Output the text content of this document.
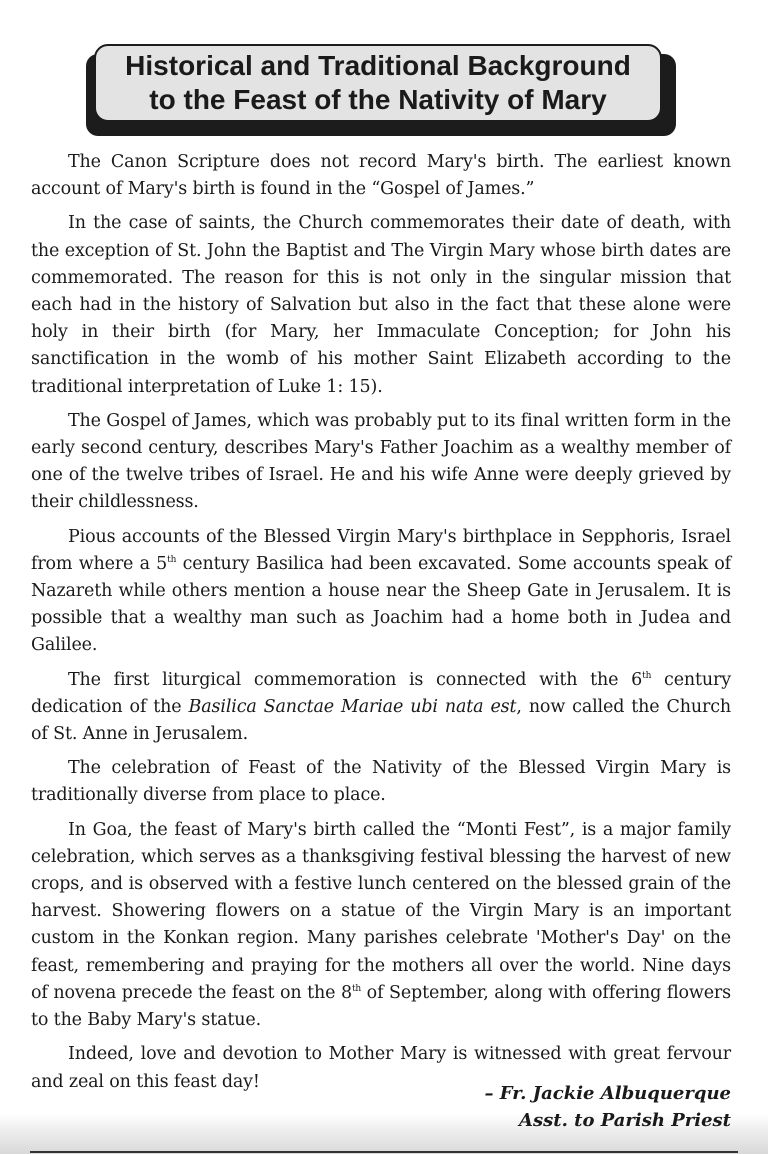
Historical and Traditional Background
to the Feast of the Nativity of Mary

The Canon Scripture does not record Mary's birth. The earliest known account of Mary's birth is found in the “Gospel of James.”

In the case of saints, the Church commemorates their date of death, with the exception of St. John the Baptist and The Virgin Mary whose birth dates are commemorated. The reason for this is not only in the singular mission that each had in the history of Salvation but also in the fact that these alone were holy in their birth (for Mary, her Immaculate Conception; for John his sanctification in the womb of his mother Saint Elizabeth according to the traditional interpretation of Luke 1: 15).

The Gospel of James, which was probably put to its final written form in the early second century, describes Mary's Father Joachim as a wealthy member of one of the twelve tribes of Israel. He and his wife Anne were deeply grieved by their childlessness.

Pious accounts of the Blessed Virgin Mary's birthplace in Sepphoris, Israel from where a 5th century Basilica had been excavated. Some accounts speak of Nazareth while others mention a house near the Sheep Gate in Jerusalem. It is possible that a wealthy man such as Joachim had a home both in Judea and Galilee.

The first liturgical commemoration is connected with the 6th century dedication of the Basilica Sanctae Mariae ubi nata est, now called the Church of St. Anne in Jerusalem.

The celebration of Feast of the Nativity of the Blessed Virgin Mary is traditionally diverse from place to place.

In Goa, the feast of Mary's birth called the “Monti Fest”, is a major family celebration, which serves as a thanksgiving festival blessing the harvest of new crops, and is observed with a festive lunch centered on the blessed grain of the harvest. Showering flowers on a statue of the Virgin Mary is an important custom in the Konkan region. Many parishes celebrate 'Mother's Day' on the feast, remembering and praying for the mothers all over the world. Nine days of novena precede the feast on the 8th of September, along with offering flowers to the Baby Mary's statue.

Indeed, love and devotion to Mother Mary is witnessed with great fervour and zeal on this feast day!

– Fr. Jackie Albuquerque

Asst. to Parish Priest
